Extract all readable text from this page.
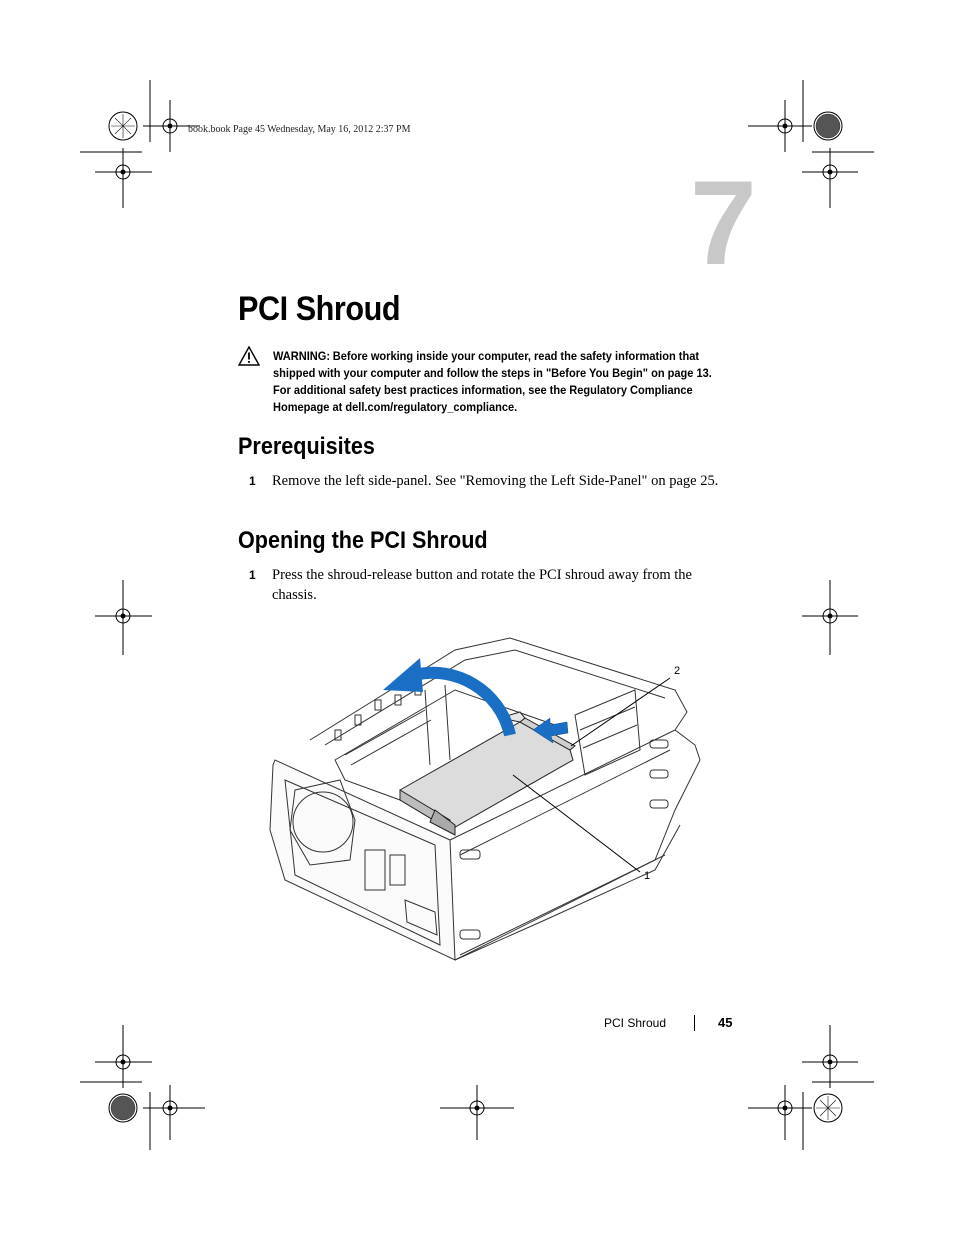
book.book Page 45 Wednesday, May 16, 2012 2:37 PM
7
PCI Shroud
WARNING: Before working inside your computer, read the safety information that shipped with your computer and follow the steps in "Before You Begin" on page 13. For additional safety best practices information, see the Regulatory Compliance Homepage at dell.com/regulatory_compliance.
Prerequisites
1 Remove the left side-panel. See "Removing the Left Side-Panel" on page 25.
Opening the PCI Shroud
1 Press the shroud-release button and rotate the PCI shroud away from the chassis.
2
1
PCI Shroud	45
